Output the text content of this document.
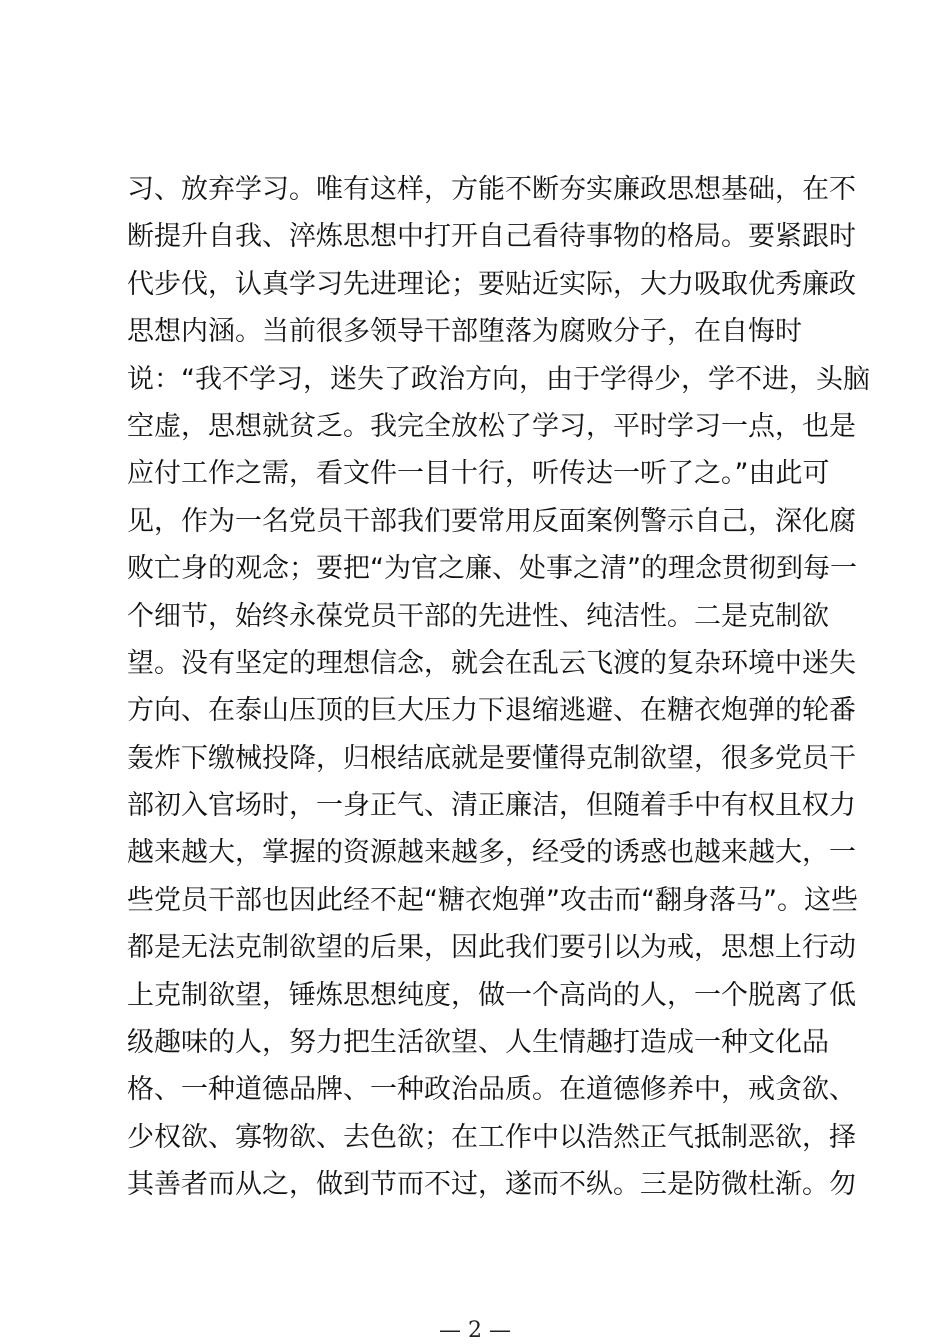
习、放弃学习。唯有这样，方能不断夯实廉政思想基础，在不
断提升自我、淬炼思想中打开自己看待事物的格局。要紧跟时
代步伐，认真学习先进理论；要贴近实际，大力吸取优秀廉政
思想内涵。当前很多领导干部堕落为腐败分子，在自悔时
说：“我不学习，迷失了政治方向，由于学得少，学不进，头脑
空虚，思想就贫乏。我完全放松了学习，平时学习一点，也是
应付工作之需，看文件一目十行，听传达一听了之。”由此可
见，作为一名党员干部我们要常用反面案例警示自己，深化腐
败亡身的观念；要把“为官之廉、处事之清”的理念贯彻到每一
个细节，始终永葆党员干部的先进性、纯洁性。二是克制欲
望。没有坚定的理想信念，就会在乱云飞渡的复杂环境中迷失
方向、在泰山压顶的巨大压力下退缩逃避、在糖衣炮弹的轮番
轰炸下缴械投降，归根结底就是要懂得克制欲望，很多党员干
部初入官场时，一身正气、清正廉洁，但随着手中有权且权力
越来越大，掌握的资源越来越多，经受的诱惑也越来越大，一
些党员干部也因此经不起“糖衣炮弹”攻击而“翻身落马”。这些
都是无法克制欲望的后果，因此我们要引以为戒，思想上行动
上克制欲望，锤炼思想纯度，做一个高尚的人，一个脱离了低
级趣味的人，努力把生活欲望、人生情趣打造成一种文化品
格、一种道德品牌、一种政治品质。在道德修养中，戒贪欲、
少权欲、寡物欲、去色欲；在工作中以浩然正气抵制恶欲，择
其善者而从之，做到节而不过，遂而不纵。三是防微杜渐。勿
— 2 —
